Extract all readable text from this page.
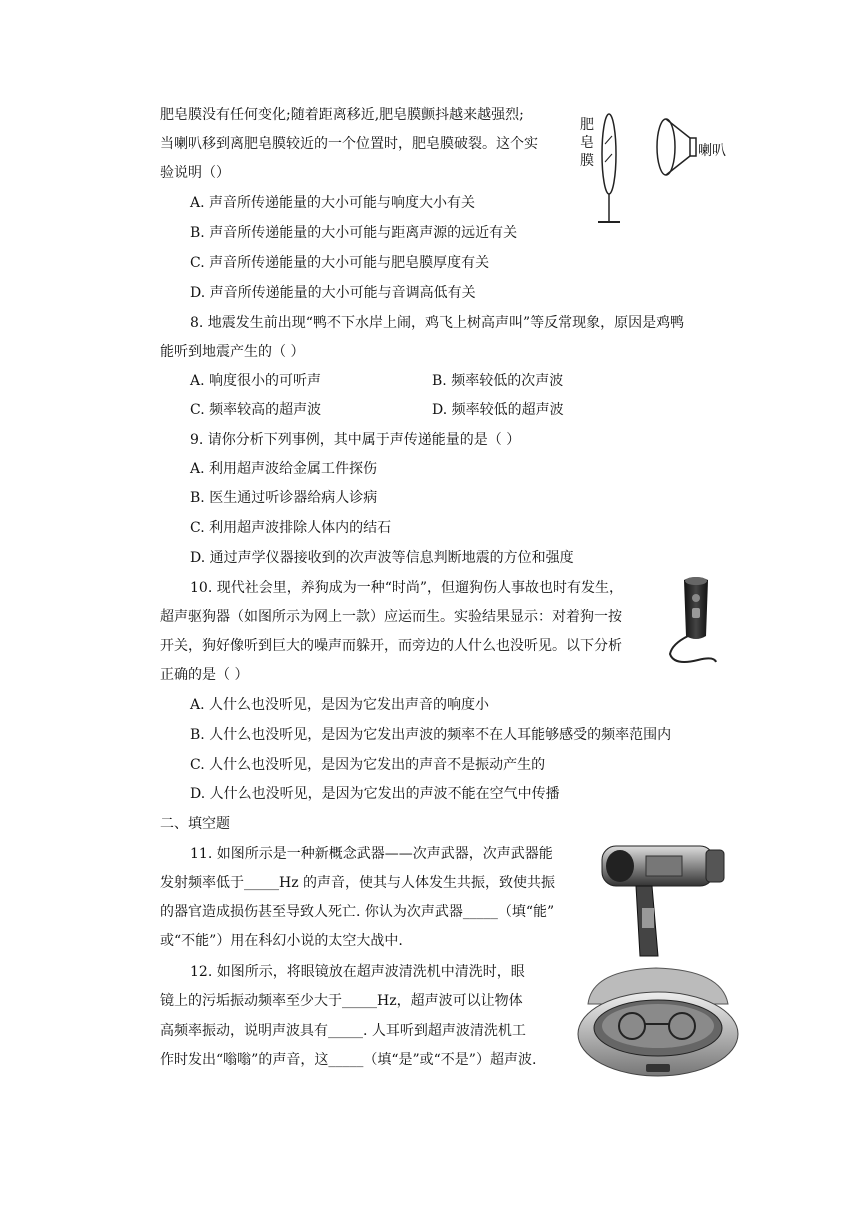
肥皂膜没有任何变化;随着距离移近,肥皂膜颤抖越来越强烈;
当喇叭移到离肥皂膜较近的一个位置时，肥皂膜破裂。这个实
验说明（）
A. 声音所传递能量的大小可能与响度大小有关
B. 声音所传递能量的大小可能与距离声源的远近有关
C. 声音所传递能量的大小可能与肥皂膜厚度有关
D. 声音所传递能量的大小可能与音调高低有关
肥皂膜
喇叭
8. 地震发生前出现“鸭不下水岸上闹，鸡飞上树高声叫”等反常现象，原因是鸡鸭
能听到地震产生的（ ）
A. 响度很小的可听声	B. 频率较低的次声波
C. 频率较高的超声波	D. 频率较低的超声波
9. 请你分析下列事例，其中属于声传递能量的是（ ）
A. 利用超声波给金属工件探伤
B. 医生通过听诊器给病人诊病
C. 利用超声波排除人体内的结石
D. 通过声学仪器接收到的次声波等信息判断地震的方位和强度
10. 现代社会里，养狗成为一种“时尚”，但遛狗伤人事故也时有发生，
超声驱狗器（如图所示为网上一款）应运而生。实验结果显示：对着狗一按
开关，狗好像听到巨大的噪声而躲开，而旁边的人什么也没听见。以下分析
正确的是（ ）
A. 人什么也没听见，是因为它发出声音的响度小
B. 人什么也没听见，是因为它发出声波的频率不在人耳能够感受的频率范围内
C. 人什么也没听见，是因为它发出的声音不是振动产生的
D. 人什么也没听见，是因为它发出的声波不能在空气中传播
二、填空题
11. 如图所示是一种新概念武器——次声武器，次声武器能
发射频率低于_____Hz 的声音，使其与人体发生共振，致使共振
的器官造成损伤甚至导致人死亡. 你认为次声武器_____（填“能”
或“不能”）用在科幻小说的太空大战中.
12. 如图所示，将眼镜放在超声波清洗机中清洗时，眼
镜上的污垢振动频率至少大于_____Hz，超声波可以让物体
高频率振动，说明声波具有_____. 人耳听到超声波清洗机工
作时发出“嗡嗡”的声音，这_____（填“是”或“不是”）超声波.
